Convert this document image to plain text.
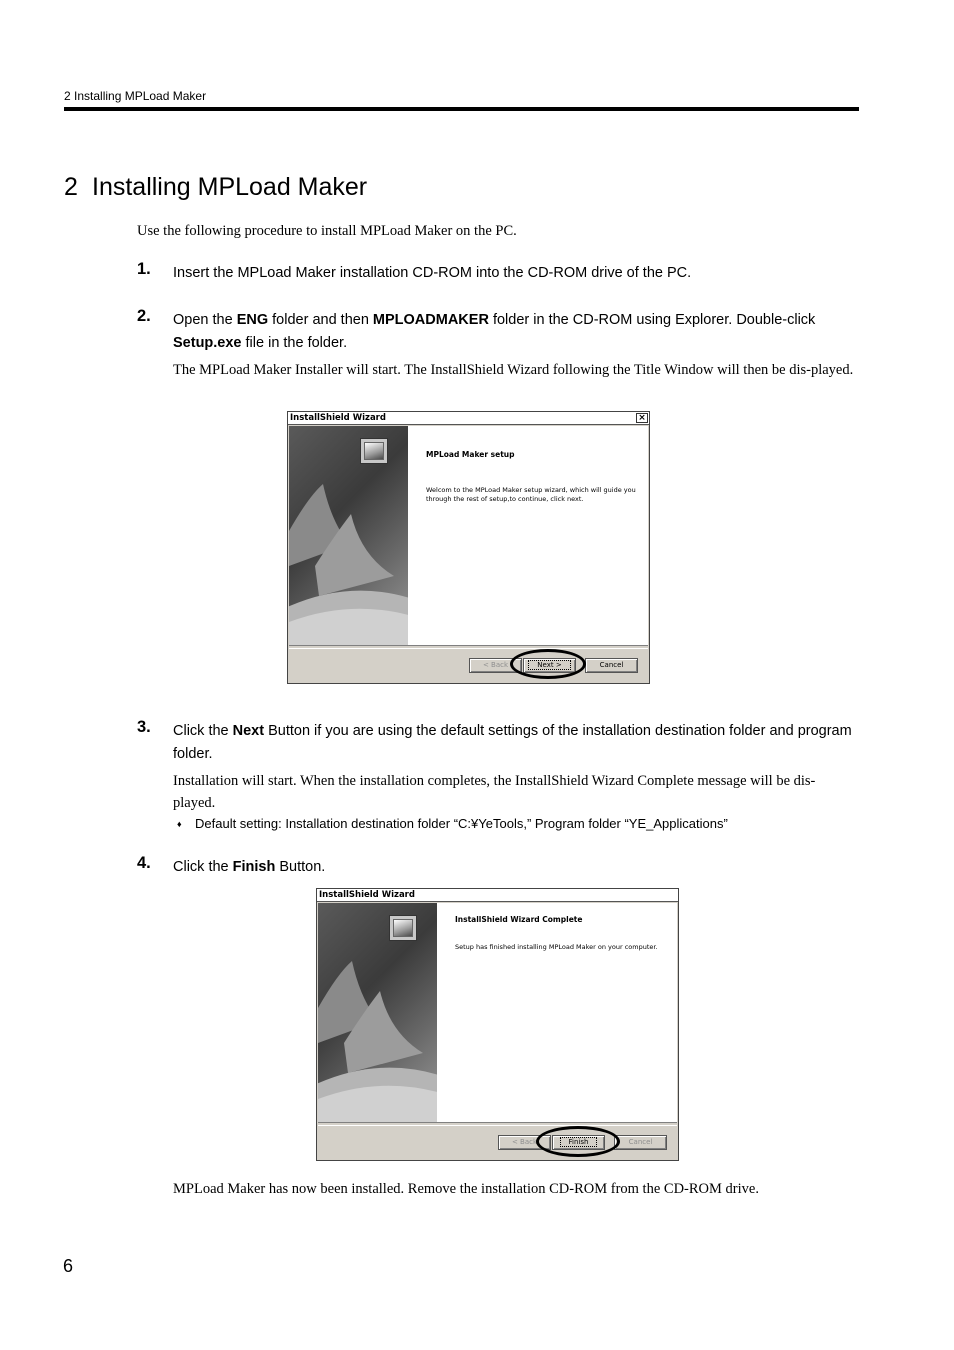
2 Installing MPLoad Maker
2 Installing MPLoad Maker
Use the following procedure to install MPLoad Maker on the PC.
1. Insert the MPLoad Maker installation CD-ROM into the CD-ROM drive of the PC.
2. Open the ENG folder and then MPLOADMAKER folder in the CD-ROM using Explorer. Double-click Setup.exe file in the folder.
The MPLoad Maker Installer will start. The InstallShield Wizard following the Title Window will then be dis-played.
InstallShield Wizard	×
MPLoad Maker setup
Welcom to the MPLoad Maker setup wizard, which will guide you through the rest of setup,to continue, click next.
< Back	Next >	Cancel
3. Click the Next Button if you are using the default settings of the installation destination folder and program folder.
Installation will start. When the installation completes, the InstallShield Wizard Complete message will be dis-played.
♦ Default setting: Installation destination folder “C:¥YeTools,” Program folder “YE_Applications”
4. Click the Finish Button.
InstallShield Wizard
InstallShield Wizard Complete
Setup has finished installing MPLoad Maker on your computer.
< Back	Finish	Cancel
MPLoad Maker has now been installed. Remove the installation CD-ROM from the CD-ROM drive.
6
